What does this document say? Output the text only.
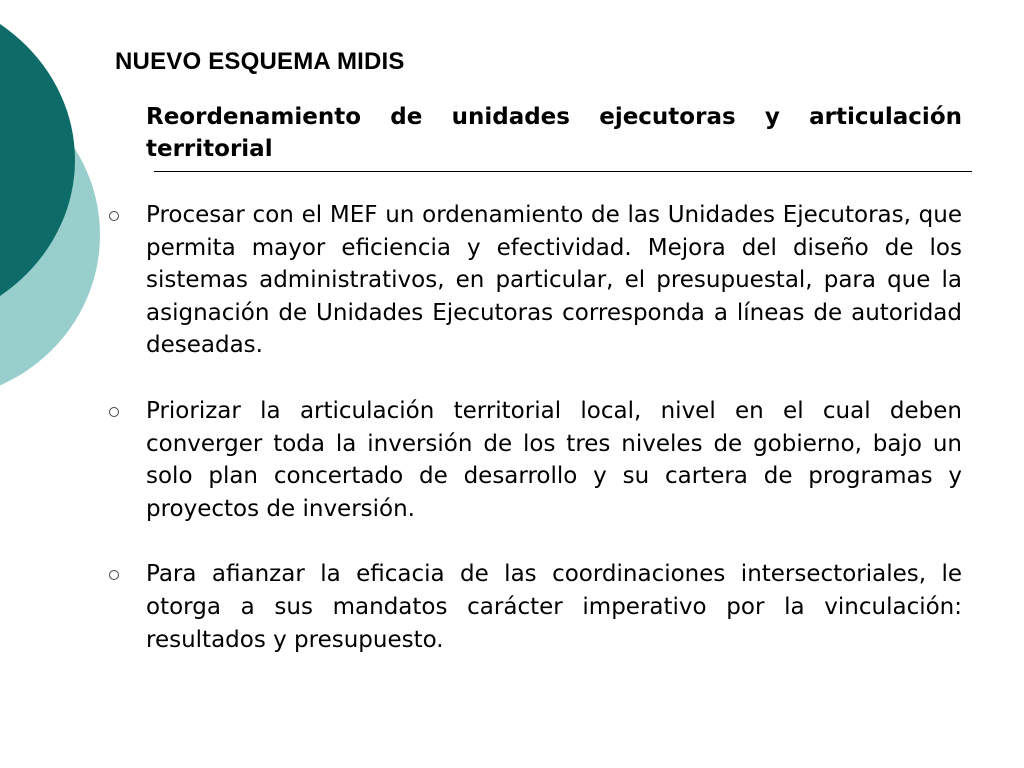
NUEVO ESQUEMA MIDIS

Reordenamiento de unidades ejecutoras y articulación territorial

Procesar con el MEF un ordenamiento de las Unidades Ejecutoras, que permita mayor eficiencia y efectividad. Mejora del diseño de los sistemas administrativos, en particular, el presupuestal, para que la asignación de Unidades Ejecutoras corresponda a líneas de autoridad deseadas.
Priorizar la articulación territorial local, nivel en el cual deben converger toda la inversión de los tres niveles de gobierno, bajo un solo plan concertado de desarrollo y su cartera de programas y proyectos de inversión.
Para afianzar la eficacia de las coordinaciones intersectoriales, le otorga a sus mandatos carácter imperativo por la vinculación: resultados y presupuesto.
